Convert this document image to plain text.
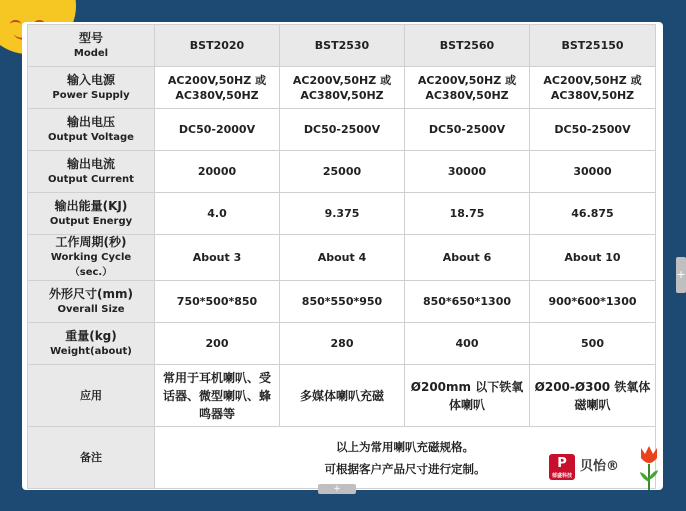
型号
Model	BST2020	BST2530	BST2560	BST25150

输入电源
Power Supply	AC200V,50HZ 或 AC380V,50HZ	AC200V,50HZ 或 AC380V,50HZ	AC200V,50HZ 或 AC380V,50HZ	AC200V,50HZ 或 AC380V,50HZ

输出电压
Output Voltage	DC50-2000V	DC50-2500V	DC50-2500V	DC50-2500V

输出电流
Output Current	20000	25000	30000	30000

输出能量(KJ)
Output Energy	4.0	9.375	18.75	46.875

工作周期(秒)
Working Cycle （sec.）	About 3	About 4	About 6	About 10

外形尺寸(mm)
Overall Size	750*500*850	850*550*950	850*650*1300	900*600*1300

重量(kg)
Weight(about)	200	280	400	500
应用	常用于耳机喇叭、受话器、微型喇叭、蜂鸣器等	多媒体喇叭充磁	Ø200mm 以下铁氧体喇叭	Ø200-Ø300 铁氧体磁喇叭
备注	以上为常用喇叭充磁规格。
可根据客户产品尺寸进行定制。 P
郁盛科技
贝怡®			
+
+
